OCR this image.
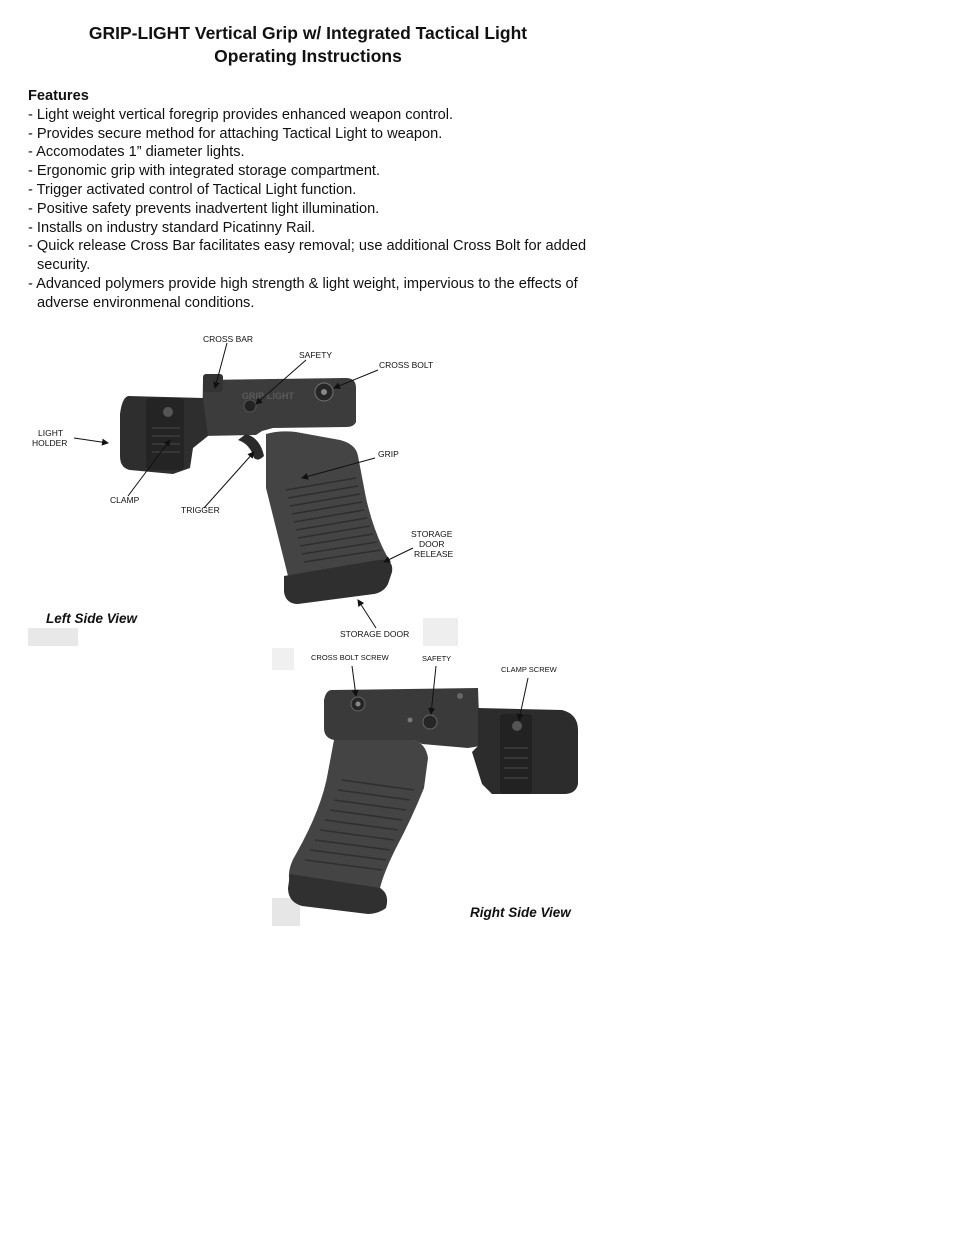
GRIP-LIGHT Vertical Grip w/ Integrated Tactical Light
Operating Instructions
Features
- Light weight vertical foregrip provides enhanced weapon control.
- Provides secure method for attaching Tactical Light to weapon.
- Accomodates 1” diameter lights.
- Ergonomic grip with integrated storage compartment.
- Trigger activated control of Tactical Light function.
- Positive safety prevents inadvertent light illumination.
- Installs on industry standard Picatinny Rail.
- Quick release Cross Bar facilitates easy removal; use additional Cross Bolt for added security.
- Advanced polymers provide high strength & light weight, impervious to the effects of adverse environmenal conditions.
GRIP-LIGHT
CROSS BAR
SAFETY
CROSS BOLT
LIGHT
HOLDER
GRIP
CLAMP
TRIGGER
STORAGE
DOOR
RELEASE
STORAGE DOOR
Left Side View
CROSS BOLT SCREW	SAFETY
CLAMP SCREW
Right Side View
